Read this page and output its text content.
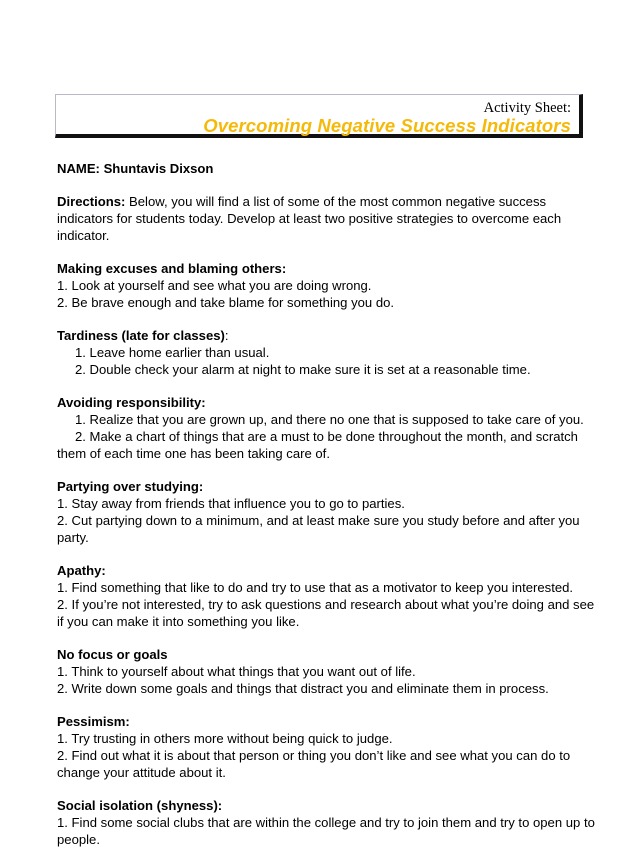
Activity Sheet:
Overcoming Negative Success Indicators
NAME: Shuntavis Dixson
Directions: Below, you will find a list of some of the most common negative success indicators for students today. Develop at least two positive strategies to overcome each indicator.
Making excuses and blaming others:
1. Look at yourself and see what you are doing wrong.
2. Be brave enough and take blame for something you do.
Tardiness (late for classes):
1. Leave home earlier than usual.
2. Double check your alarm at night to make sure it is set at a reasonable time.
Avoiding responsibility:
1. Realize that you are grown up, and there no one that is supposed to take care of you.
2. Make a chart of things that are a must to be done throughout the month, and scratch
them of each time one has been taking care of.
Partying over studying:
1. Stay away from friends that influence you to go to parties.
2. Cut partying down to a minimum, and at least make sure you study before and after you party.
Apathy:
1. Find something that like to do and try to use that as a motivator to keep you interested.
2. If you’re not interested, try to ask questions and research about what you’re doing and see if you can make it into something you like.
No focus or goals
1. Think to yourself about what things that you want out of life.
2. Write down some goals and things that distract you and eliminate them in process.
Pessimism:
1. Try trusting in others more without being quick to judge.
2. Find out what it is about that person or thing you don’t like and see what you can do to change your attitude about it.
Social isolation (shyness):
1. Find some social clubs that are within the college and try to join them and try to open up to people.
